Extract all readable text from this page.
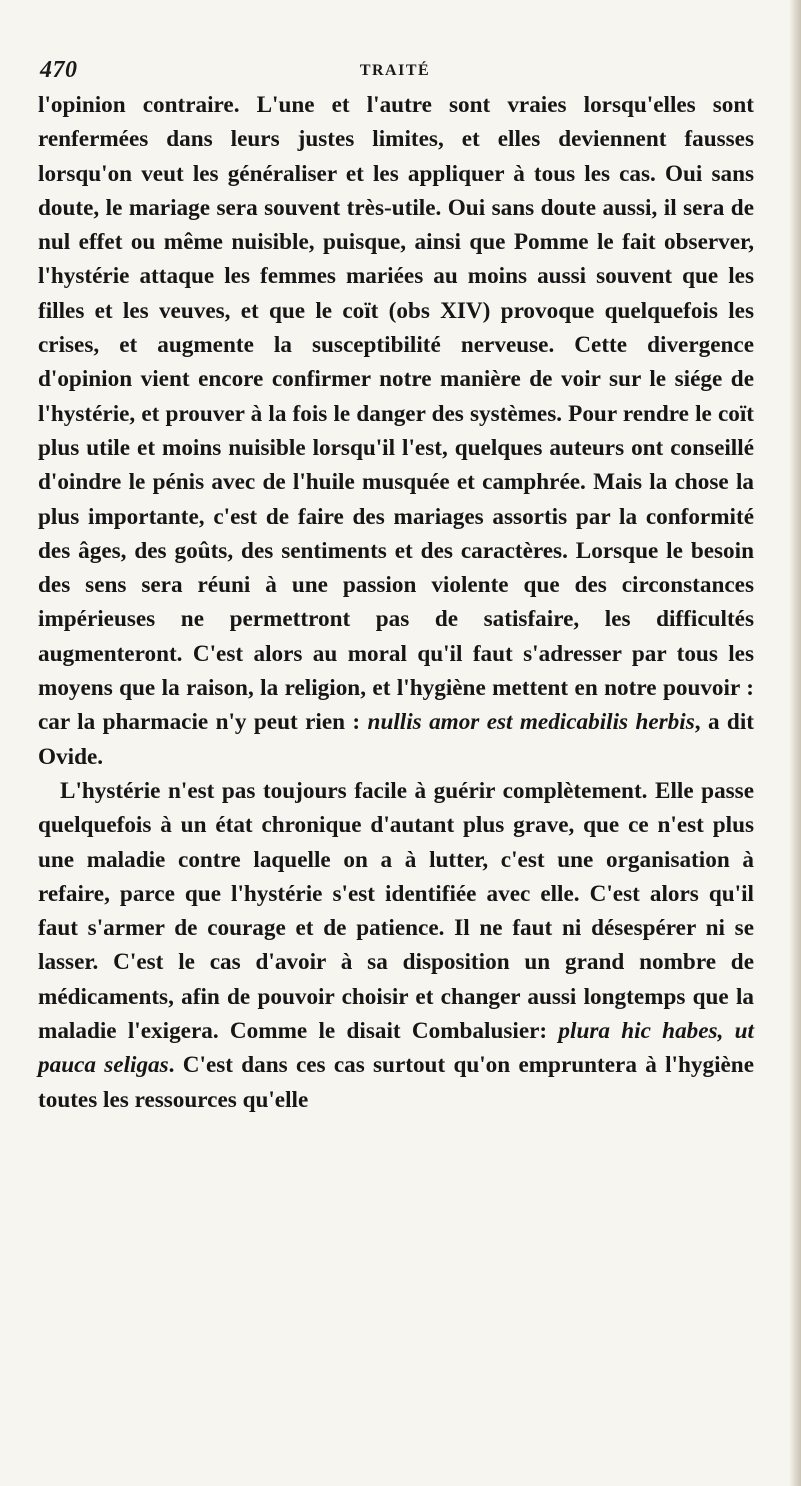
470	TRAITÉ

l'opinion contraire. L'une et l'autre sont vraies lorsqu'elles sont renfermées dans leurs justes limites, et elles deviennent fausses lorsqu'on veut les généraliser et les appliquer à tous les cas. Oui sans doute, le mariage sera souvent très-utile. Oui sans doute aussi, il sera de nul effet ou même nuisible, puisque, ainsi que Pomme le fait observer, l'hystérie attaque les femmes mariées au moins aussi souvent que les filles et les veuves, et que le coït (obs XIV) provoque quelquefois les crises, et augmente la susceptibilité nerveuse. Cette divergence d'opinion vient encore confirmer notre manière de voir sur le siége de l'hystérie, et prouver à la fois le danger des systèmes. Pour rendre le coït plus utile et moins nuisible lorsqu'il l'est, quelques auteurs ont conseillé d'oindre le pénis avec de l'huile musquée et camphrée. Mais la chose la plus importante, c'est de faire des mariages assortis par la conformité des âges, des goûts, des sentiments et des caractères. Lorsque le besoin des sens sera réuni à une passion violente que des circonstances impérieuses ne permettront pas de satisfaire, les difficultés augmenteront. C'est alors au moral qu'il faut s'adresser par tous les moyens que la raison, la religion, et l'hygiène mettent en notre pouvoir : car la pharmacie n'y peut rien : nullis amor est medicabilis herbis, a dit Ovide.

L'hystérie n'est pas toujours facile à guérir complètement. Elle passe quelquefois à un état chronique d'autant plus grave, que ce n'est plus une maladie contre laquelle on a à lutter, c'est une organisation à refaire, parce que l'hystérie s'est identifiée avec elle. C'est alors qu'il faut s'armer de courage et de patience. Il ne faut ni désespérer ni se lasser. C'est le cas d'avoir à sa disposition un grand nombre de médicaments, afin de pouvoir choisir et changer aussi longtemps que la maladie l'exigera. Comme le disait Combalusier: plura hic habes, ut pauca seligas. C'est dans ces cas surtout qu'on empruntera à l'hygiène toutes les ressources qu'elle
